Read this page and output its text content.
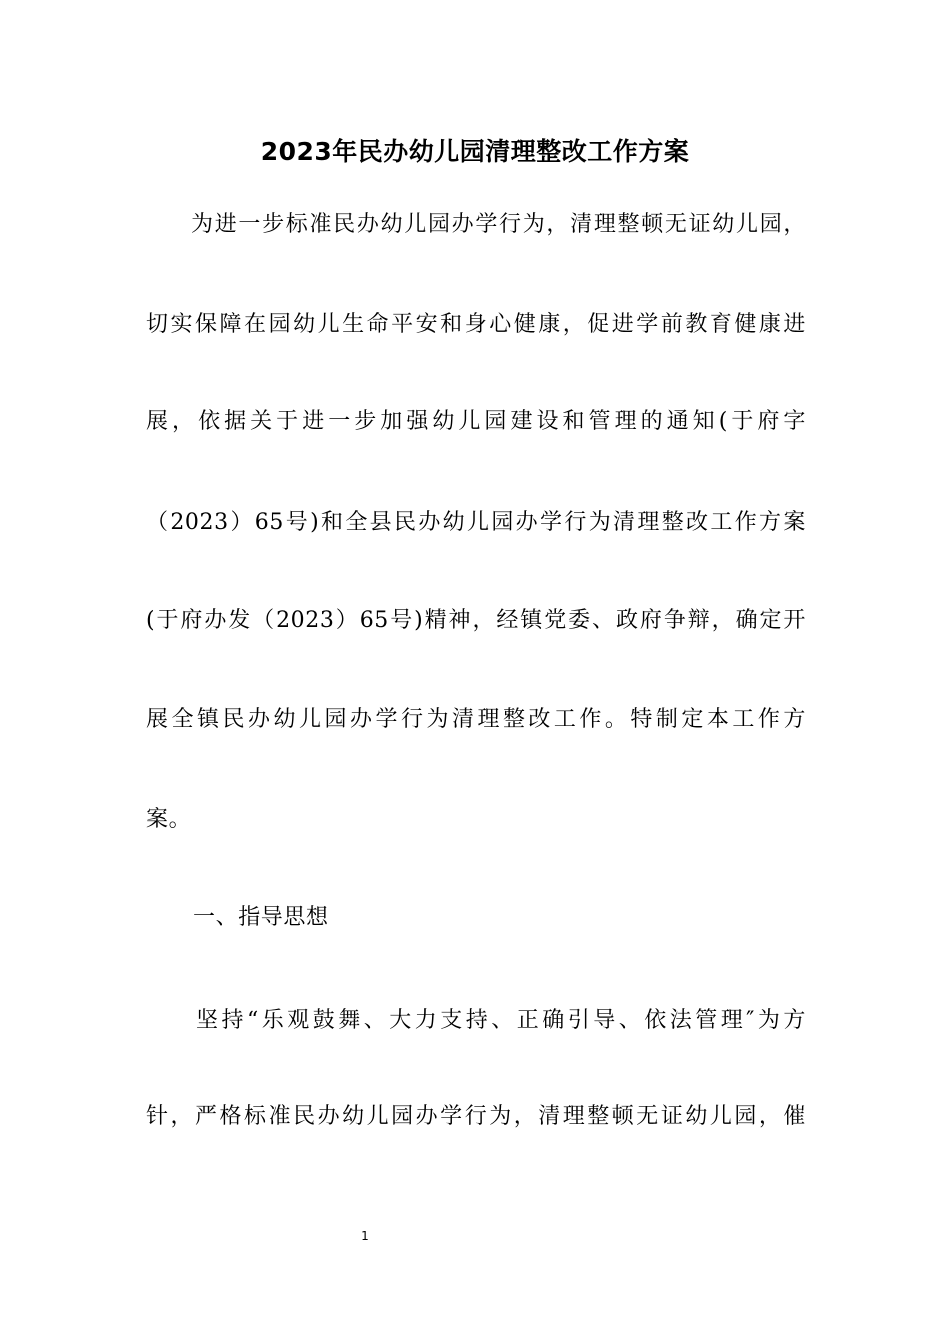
2023年民办幼儿园清理整改工作方案
为进一步标准民办幼儿园办学行为，清理整顿无证幼儿园，
切实保障在园幼儿生命平安和身心健康，促进学前教育健康进
展，依据关于进一步加强幼儿园建设和管理的通知(于府字
（2023）65号)和全县民办幼儿园办学行为清理整改工作方案
(于府办发（2023）65号)精神，经镇党委、政府争辩，确定开
展全镇民办幼儿园办学行为清理整改工作。特制定本工作方
案。
一、指导思想
坚持“乐观鼓舞、大力支持、正确引导、依法管理″为方
针，严格标准民办幼儿园办学行为，清理整顿无证幼儿园，催
1
